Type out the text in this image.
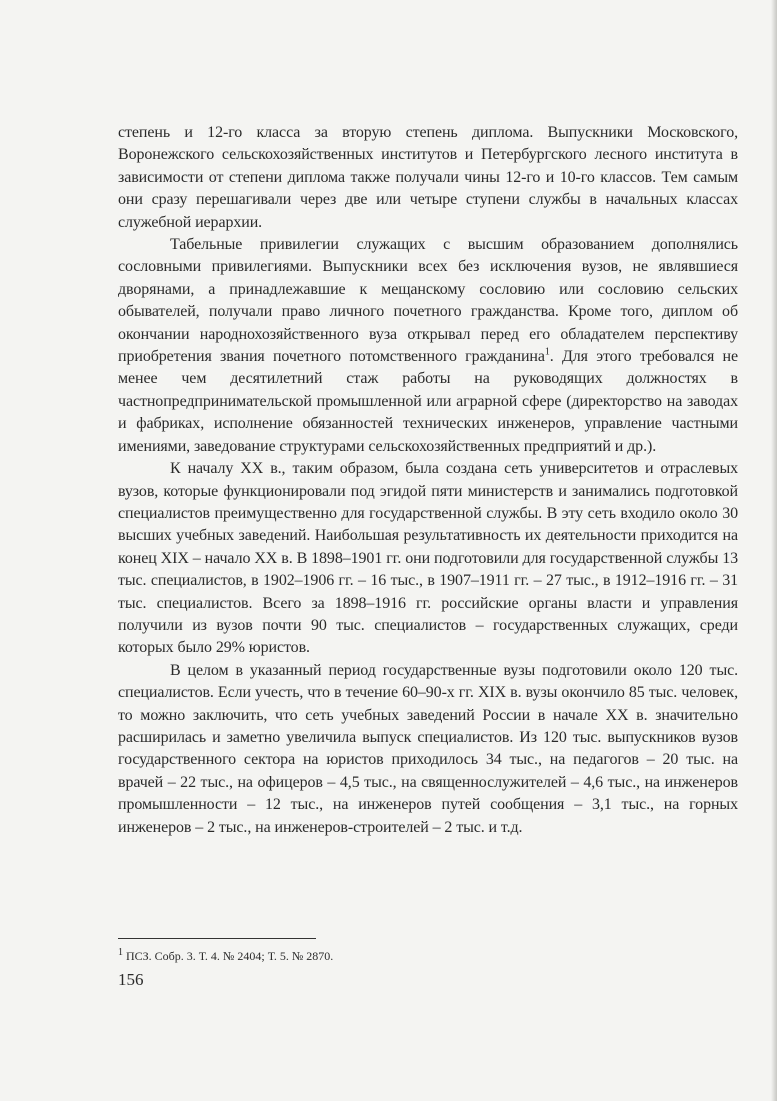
степень и 12-го класса за вторую степень диплома. Выпускники Московского, Воронежского сельскохозяйственных институтов и Петербургского лесного института в зависимости от степени диплома также получали чины 12-го и 10-го классов. Тем самым они сразу перешагивали через две или четыре ступени службы в начальных классах служебной иерархии.

Табельные привилегии служащих с высшим образованием дополнялись сословными привилегиями. Выпускники всех без исключения вузов, не являвшиеся дворянами, а принадлежавшие к мещанскому сословию или сословию сельских обывателей, получали право личного почетного гражданства. Кроме того, диплом об окончании народнохозяйственного вуза открывал перед его обладателем перспективу приобретения звания почетного потомственного гражданина$^1$. Для этого требовался не менее чем десятилетний стаж работы на руководящих должностях в частнопредпринимательской промышленной или аграрной сфере (директорство на заводах и фабриках, исполнение обязанностей технических инженеров, управление частными имениями, заведование структурами сельскохозяйственных предприятий и др.).

К началу XX в., таким образом, была создана сеть университетов и отраслевых вузов, которые функционировали под эгидой пяти министерств и занимались подготовкой специалистов преимущественно для государственной службы. В эту сеть входило около 30 высших учебных заведений. Наибольшая результативность их деятельности приходится на конец XIX – начало XX в. В 1898–1901 гг. они подготовили для государственной службы 13 тыс. специалистов, в 1902–1906 гг. – 16 тыс., в 1907–1911 гг. – 27 тыс., в 1912–1916 гг. – 31 тыс. специалистов. Всего за 1898–1916 гг. российские органы власти и управления получили из вузов почти 90 тыс. специалистов – государственных служащих, среди которых было 29% юристов.

В целом в указанный период государственные вузы подготовили около 120 тыс. специалистов. Если учесть, что в течение 60–90-х гг. XIX в. вузы окончило 85 тыс. человек, то можно заключить, что сеть учебных заведений России в начале XX в. значительно расширилась и заметно увеличила выпуск специалистов. Из 120 тыс. выпускников вузов государственного сектора на юристов приходилось 34 тыс., на педагогов – 20 тыс. на врачей – 22 тыс., на офицеров – 4,5 тыс., на священнослужителей – 4,6 тыс., на инженеров промышленности – 12 тыс., на инженеров путей сообщения – 3,1 тыс., на горных инженеров – 2 тыс., на инженеров-строителей – 2 тыс. и т.д.

$^1$ ПСЗ. Собр. 3. Т. 4. № 2404; Т. 5. № 2870.
156
